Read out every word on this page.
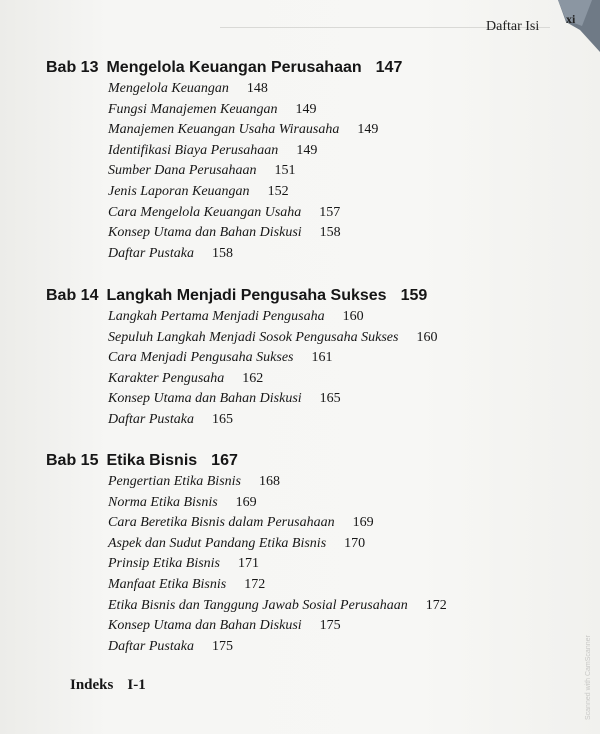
Daftar Isi xi
Bab 13 Mengelola Keuangan Perusahaan 147
Mengelola Keuangan 148
Fungsi Manajemen Keuangan 149
Manajemen Keuangan Usaha Wirausaha 149
Identifikasi Biaya Perusahaan 149
Sumber Dana Perusahaan 151
Jenis Laporan Keuangan 152
Cara Mengelola Keuangan Usaha 157
Konsep Utama dan Bahan Diskusi 158
Daftar Pustaka 158
Bab 14 Langkah Menjadi Pengusaha Sukses 159
Langkah Pertama Menjadi Pengusaha 160
Sepuluh Langkah Menjadi Sosok Pengusaha Sukses 160
Cara Menjadi Pengusaha Sukses 161
Karakter Pengusaha 162
Konsep Utama dan Bahan Diskusi 165
Daftar Pustaka 165
Bab 15 Etika Bisnis 167
Pengertian Etika Bisnis 168
Norma Etika Bisnis 169
Cara Beretika Bisnis dalam Perusahaan 169
Aspek dan Sudut Pandang Etika Bisnis 170
Prinsip Etika Bisnis 171
Manfaat Etika Bisnis 172
Etika Bisnis dan Tanggung Jawab Sosial Perusahaan 172
Konsep Utama dan Bahan Diskusi 175
Daftar Pustaka 175
Indeks I-1	Scanned with CamScanner
